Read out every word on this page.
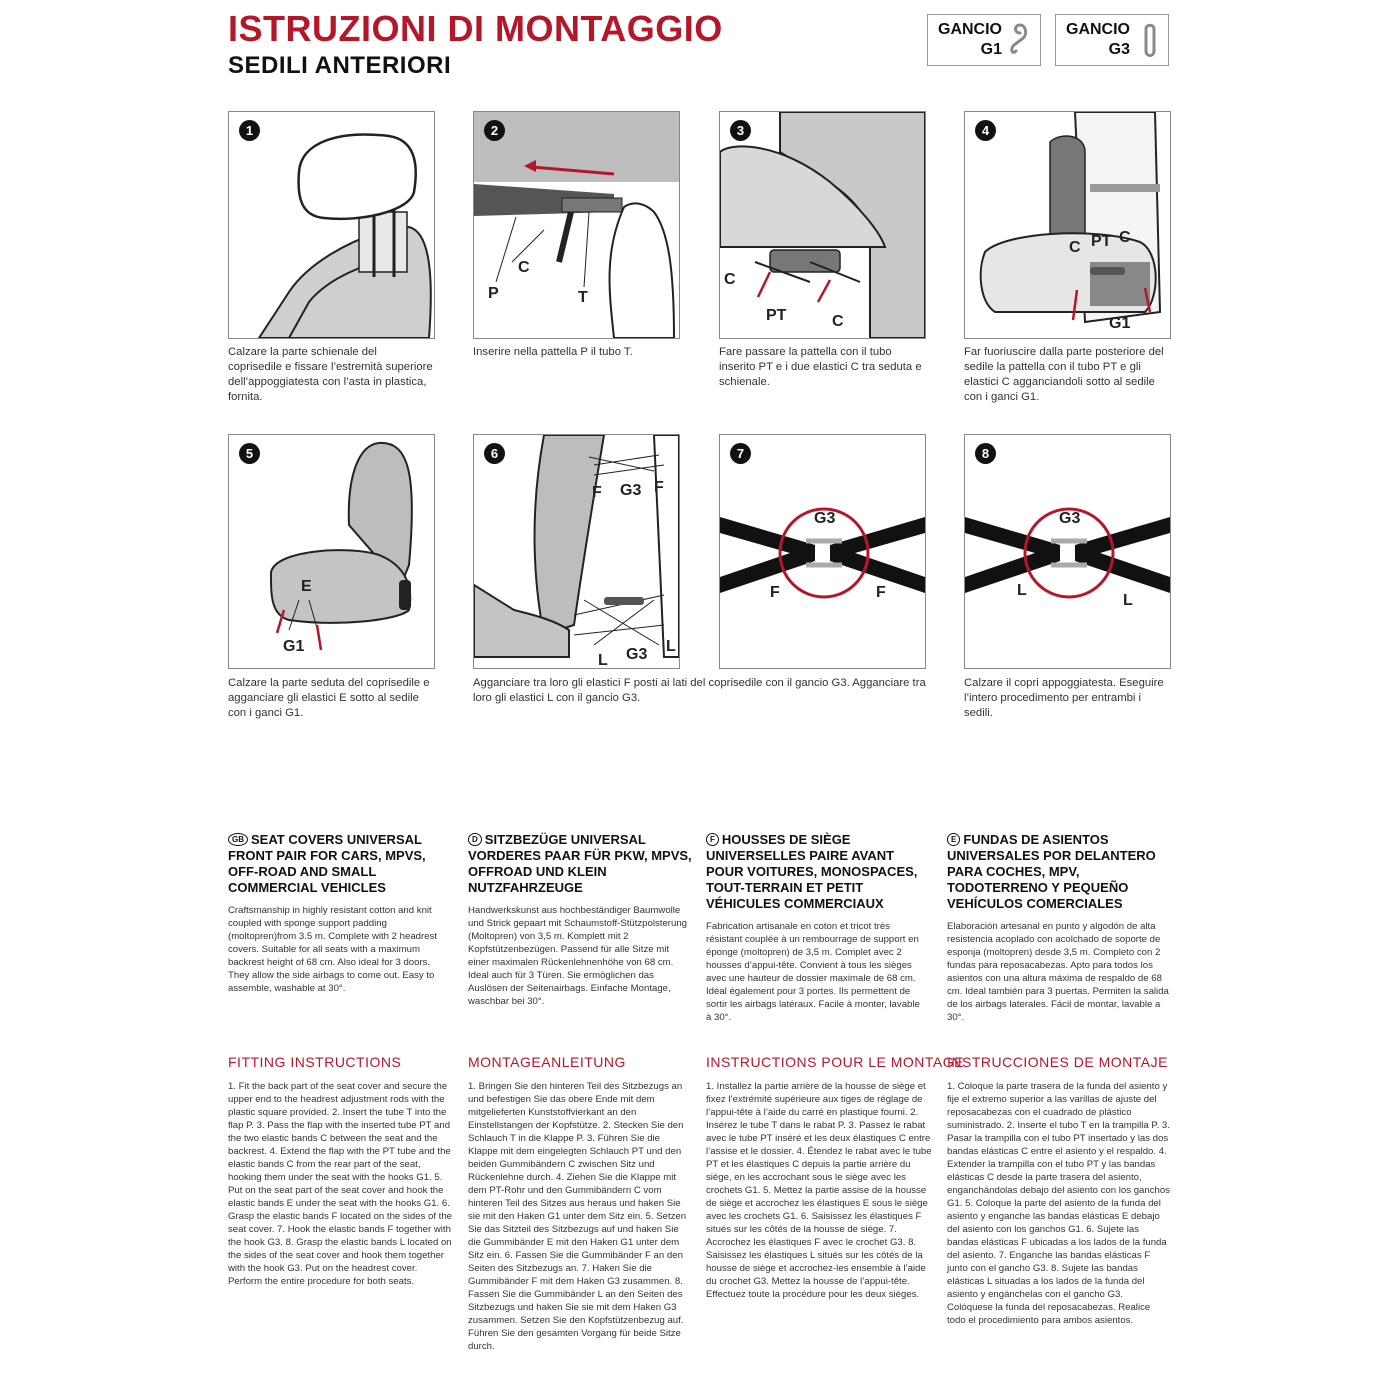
ISTRUZIONI DI MONTAGGIO
SEDILI ANTERIORI
GANCIO
G1
GANCIO
G3
1	2
C
P	T
3
C
PT	C
4
C PT C
G1
Calzare la parte schienale del coprisedile e fissare l’estremità superiore dell’appoggiatesta con l’asta in plastica, fornita.
Inserire nella pattella P il tubo T.	Fare passare la pattella con il tubo inserito PT e i due elastici C tra seduta e schienale.
Far fuoriuscire dalla parte posteriore del sedile la pattella con il tubo PT e gli elastici C agganciandoli sotto al sedile con i ganci G1.
5
E
G1
6
F G3 F
L G3 L
7
G3
F	F
8
G3
L
L
Calzare la parte seduta del coprisedile e agganciare gli elastici E sotto al sedile con i ganci G1.
Agganciare tra loro gli elastici F posti ai lati del coprisedile con il gancio G3. Agganciare tra loro gli elastici L con il gancio G3.
Calzare il copri appoggiatesta. Eseguire l’intero procedimento per entrambi i sedili.
GB SEAT COVERS UNIVERSAL FRONT PAIR FOR CARS, MPVS, OFF-ROAD AND SMALL COMMERCIAL VEHICLES
Craftsmanship in highly resistant cotton and knit coupled with sponge support padding (moltopren)from 3.5 m. Complete with 2 headrest covers. Suitable for all seats with a maximum backrest height of 68 cm. Also ideal for 3 doors. They allow the side airbags to come out. Easy to assemble, washable at 30°.
D SITZBEZÜGE UNIVERSAL VORDERES PAAR FÜR PKW, MPVS, OFFROAD UND KLEIN NUTZFAHRZEUGE
Handwerkskunst aus hochbeständiger Baumwolle und Strick gepaart mit Schaumstoff-Stützpolsterung (Moltopren) von 3,5 m. Komplett mit 2 Kopfstützenbezügen. Passend für alle Sitze mit einer maximalen Rückenlehnenhöhe von 68 cm. Ideal auch für 3 Türen. Sie ermöglichen das Auslösen der Seitenairbags. Einfache Montage, waschbar bei 30°.
F HOUSSES DE SIÈGE UNIVERSELLES PAIRE AVANT POUR VOITURES, MONOSPACES, TOUT-TERRAIN ET PETIT VÉHICULES COMMERCIAUX
Fabrication artisanale en coton et tricot très résistant couplée à un rembourrage de support en éponge (moltopren) de 3,5 m. Complet avec 2 housses d’appui-tête. Convient à tous les sièges avec une hauteur de dossier maximale de 68 cm. Idéal également pour 3 portes. Ils permettent de sortir les airbags latéraux. Facile à monter, lavable à 30°.
E FUNDAS DE ASIENTOS UNIVERSALES POR DELANTERO PARA COCHES, MPV, TODOTERRENO Y PEQUEÑO VEHÍCULOS COMERCIALES
Elaboración artesanal en punto y algodón de alta resistencia acoplado con acolchado de soporte de esponja (moltopren) desde 3,5 m. Completo con 2 fundas para reposacabezas. Apto para todos los asientos con una altura máxima de respaldo de 68 cm. Ideal también para 3 puertas. Permiten la salida de los airbags laterales. Fácil de montar, lavable a 30°.
FITTING INSTRUCTIONS
1. Fit the back part of the seat cover and secure the upper end to the headrest adjustment rods with the plastic square provided. 2. Insert the tube T into the flap P. 3. Pass the flap with the inserted tube PT and the two elastic bands C between the seat and the backrest. 4. Extend the flap with the PT tube and the elastic bands C from the rear part of the seat, hooking them under the seat with the hooks G1. 5. Put on the seat part of the seat cover and hook the elastic bands E under the seat with the hooks G1. 6. Grasp the elastic bands F located on the sides of the seat cover. 7. Hook the elastic bands F together with the hook G3. 8. Grasp the elastic bands L located on the sides of the seat cover and hook them together with the hook G3. Put on the headrest cover. Perform the entire procedure for both seats.
MONTAGEANLEITUNG
1. Bringen Sie den hinteren Teil des Sitzbezugs an und befestigen Sie das obere Ende mit dem mitgelieferten Kunststoffvierkant an den Einstellstangen der Kopfstütze. 2. Stecken Sie den Schlauch T in die Klappe P. 3. Führen Sie die Klappe mit dem eingelegten Schlauch PT und den beiden Gummibändern C zwischen Sitz und Rückenlehne durch. 4. Ziehen Sie die Klappe mit dem PT-Rohr und den Gummibändern C vom hinteren Teil des Sitzes aus heraus und haken Sie sie mit den Haken G1 unter dem Sitz ein. 5. Setzen Sie das Sitzteil des Sitzbezugs auf und haken Sie die Gummibänder E mit den Haken G1 unter dem Sitz ein. 6. Fassen Sie die Gummibänder F an den Seiten des Sitzbezugs an. 7. Haken Sie die Gummibänder F mit dem Haken G3 zusammen. 8. Fassen Sie die Gummibänder L an den Seiten des Sitzbezugs und haken Sie sie mit dem Haken G3 zusammen. Setzen Sie den Kopfstützenbezug auf. Führen Sie den gesamten Vorgang für beide Sitze durch.
INSTRUCTIONS POUR LE MONTAGE
1. Installez la partie arrière de la housse de siège et fixez l’extrémité supérieure aux tiges de réglage de l’appui-tête à l’aide du carré en plastique fourni. 2. Insérez le tube T dans le rabat P. 3. Passez le rabat avec le tube PT inséré et les deux élastiques C entre l’assise et le dossier. 4. Étendez le rabat avec le tube PT et les élastiques C depuis la partie arrière du siège, en les accrochant sous le siège avec les crochets G1. 5. Mettez la partie assise de la housse de siège et accrochez les élastiques E sous le siège avec les crochets G1. 6. Saisissez les élastiques F situés sur les côtés de la housse de siège. 7. Accrochez les élastiques F avec le crochet G3. 8. Saisissez les élastiques L situés sur les côtés de la housse de siège et accrochez-les ensemble à l’aide du crochet G3. Mettez la housse de l’appui-tête. Effectuez toute la procédure pour les deux sièges.
INSTRUCCIONES DE MONTAJE
1. Coloque la parte trasera de la funda del asiento y fije el extremo superior a las varillas de ajuste del reposacabezas con el cuadrado de plástico suministrado. 2. Inserte el tubo T en la trampilla P. 3. Pasar la trampilla con el tubo PT insertado y las dos bandas elásticas C entre el asiento y el respaldo. 4. Extender la trampilla con el tubo PT y las bandas elásticas C desde la parte trasera del asiento, enganchándolas debajo del asiento con los ganchos G1. 5. Coloque la parte del asiento de la funda del asiento y enganche las bandas elásticas E debajo del asiento con los ganchos G1. 6. Sujete las bandas elásticas F ubicadas a los lados de la funda del asiento. 7. Enganche las bandas elásticas F junto con el gancho G3. 8. Sujete las bandas elásticas L situadas a los lados de la funda del asiento y engánchelas con el gancho G3. Colóquese la funda del reposacabezas. Realice todo el procedimiento para ambos asientos.
